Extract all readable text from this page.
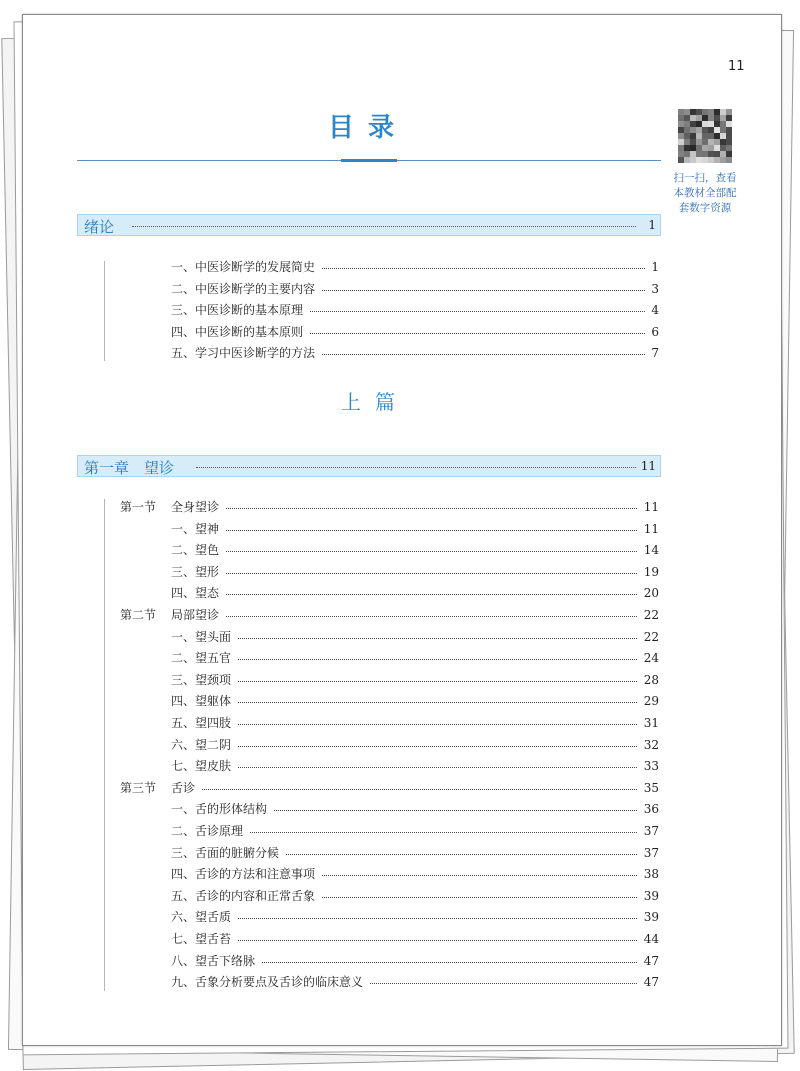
11
目录
扫一扫，查看本教材全部配套数字资源
绪论	1
一、中医诊断学的发展简史	1
二、中医诊断学的主要内容	3
三、中医诊断的基本原理	4
四、中医诊断的基本原则	6
五、学习中医诊断学的方法	7
上篇
第一章　望诊	11
第一节 全身望诊	11
一、望神	11
二、望色	14
三、望形	19
四、望态	20
第二节 局部望诊	22
一、望头面	22
二、望五官	24
三、望颈项	28
四、望躯体	29
五、望四肢	31
六、望二阴	32
七、望皮肤	33
第三节 舌诊	35
一、舌的形体结构	36
二、舌诊原理	37
三、舌面的脏腑分候	37
四、舌诊的方法和注意事项	38
五、舌诊的内容和正常舌象	39
六、望舌质	39
七、望舌苔	44
八、望舌下络脉	47
九、舌象分析要点及舌诊的临床意义	47
